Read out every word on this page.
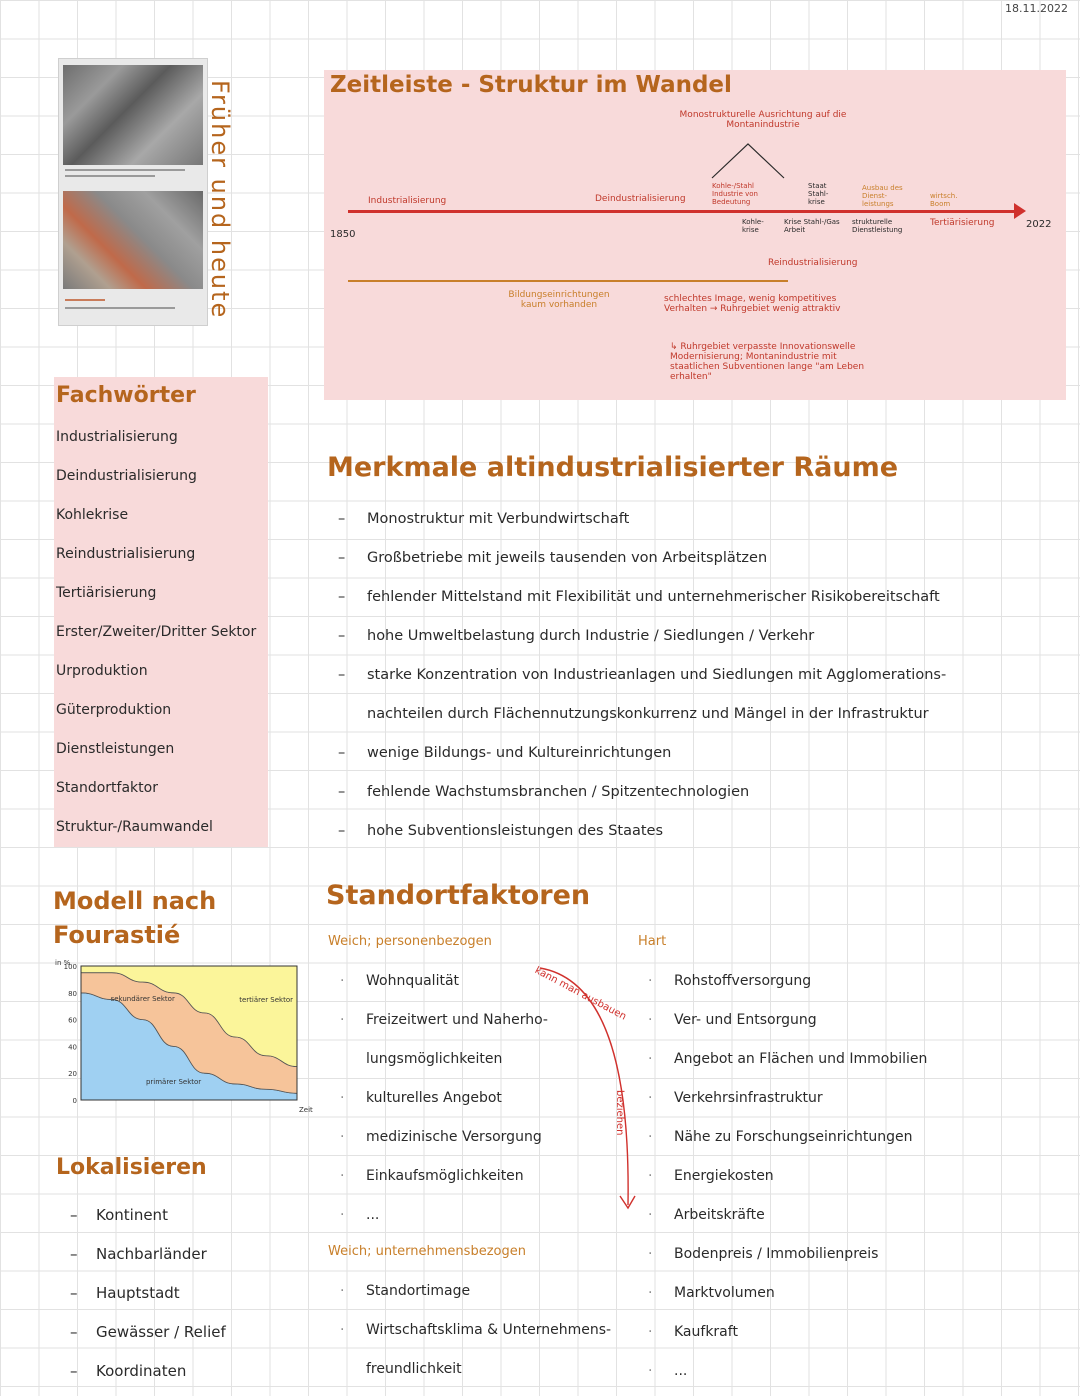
18.11.2022
Früher und heute	Zeitleiste - Struktur im Wandel
1850
2022
Industrialisierung	Deindustrialisierung
Reindustrialisierung
Tertiärisierung
Monostrukturelle Ausrichtung auf die Montanindustrie
Kohle-/Stahl Industrie von Bedeutung
Kohle-krise
Krise Stahl-/Gas Arbeit
Staat Stahl-krise
strukturelle Dienstleistung
Ausbau des Dienst-leistungs
wirtsch. Boom
Bildungseinrichtungen kaum vorhanden
schlechtes Image, wenig kompetitives Verhalten → Ruhrgebiet wenig attraktiv
↳ Ruhrgebiet verpasste Innovationswelle Modernisierung; Montanindustrie mit staatlichen Subventionen lange "am Leben erhalten"
Fachwörter
Industrialisierung
Deindustrialisierung
Kohlekrise
Reindustrialisierung
Tertiärisierung
Erster/Zweiter/Dritter Sektor
Urproduktion
Güterproduktion
Dienstleistungen
Standortfaktor
Struktur-/Raumwandel
Merkmale altindustrialisierter Räume
– Monostruktur mit Verbundwirtschaft
– Großbetriebe mit jeweils tausenden von Arbeitsplätzen
– fehlender Mittelstand mit Flexibilität und unternehmerischer Risikobereitschaft
– hohe Umweltbelastung durch Industrie / Siedlungen / Verkehr
– starke Konzentration von Industrieanlagen und Siedlungen mit Agglomerations-
nachteilen durch Flächennutzungskonkurrenz und Mängel in der Infrastruktur
– wenige Bildungs- und Kultureinrichtungen
– fehlende Wachstumsbranchen / Spitzentechnologien
– hohe Subventionsleistungen des Staates
Modell nach
Fourastié
primärer Sektor
sekundärer Sektor	tertiärer Sektor
100
80
60
40
20
0
in %
Zeit
Lokalisieren
– Kontinent
– Nachbarländer
– Hauptstadt
– Gewässer / Relief
– Koordinaten
Standortfaktoren
Weich; personenbezogen	Hart
· Wohnqualität
· Freizeitwert und Naherho-
lungsmöglichkeiten
· kulturelles Angebot
· medizinische Versorgung
· Einkaufsmöglichkeiten
· ...
Weich; unternehmensbezogen
· Standortimage
· Wirtschaftsklima & Unternehmens-
freundlichkeit
· Rohstoffversorgung
· Ver- und Entsorgung
· Angebot an Flächen und Immobilien
· Verkehrsinfrastruktur
· Nähe zu Forschungseinrichtungen
· Energiekosten
· Arbeitskräfte
· Bodenpreis / Immobilienpreis
· Marktvolumen
· Kaufkraft
· ...
kann man ausbauen
beziehen
